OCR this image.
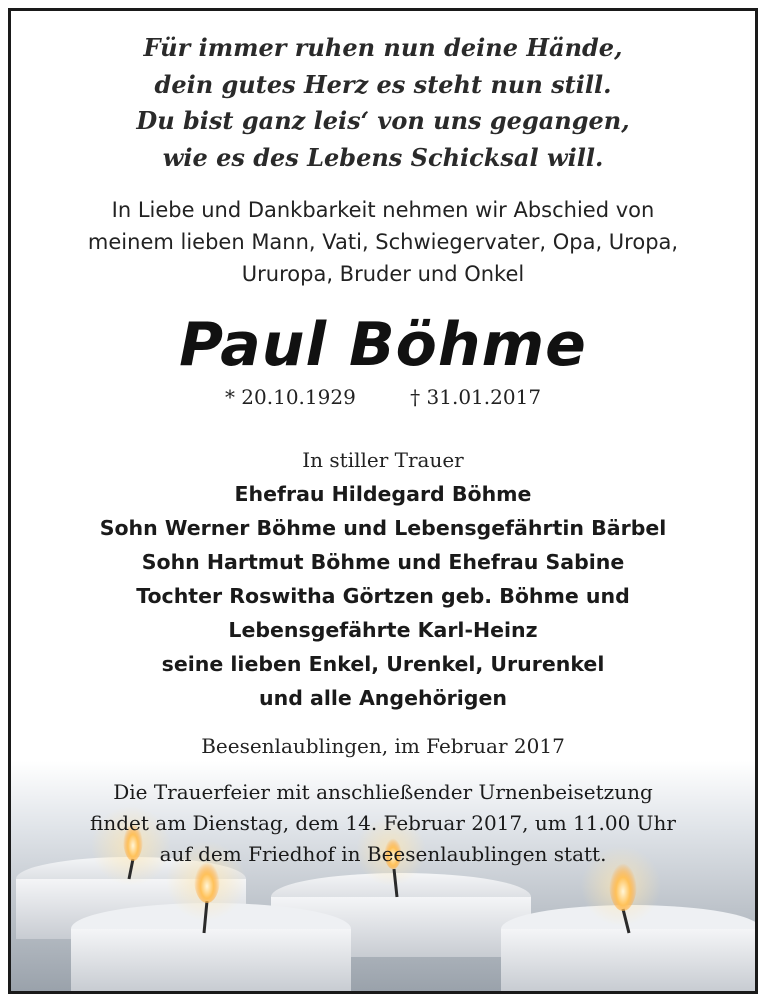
Für immer ruhen nun deine Hände,
dein gutes Herz es steht nun still.
Du bist ganz leis‘ von uns gegangen,
wie es des Lebens Schicksal will.
In Liebe und Dankbarkeit nehmen wir Abschied von
meinem lieben Mann, Vati, Schwiegervater, Opa, Uropa,
Ururopa, Bruder und Onkel
Paul Böhme
* 20.10.1929	† 31.01.2017
In stiller Trauer
Ehefrau Hildegard Böhme
Sohn Werner Böhme und Lebensgefährtin Bärbel
Sohn Hartmut Böhme und Ehefrau Sabine
Tochter Roswitha Görtzen geb. Böhme und
Lebensgefährte Karl-Heinz
seine lieben Enkel, Urenkel, Ururenkel
und alle Angehörigen
Beesenlaublingen, im Februar 2017
Die Trauerfeier mit anschließender Urnenbeisetzung
findet am Dienstag, dem 14. Februar 2017, um 11.00 Uhr
auf dem Friedhof in Beesenlaublingen statt.
